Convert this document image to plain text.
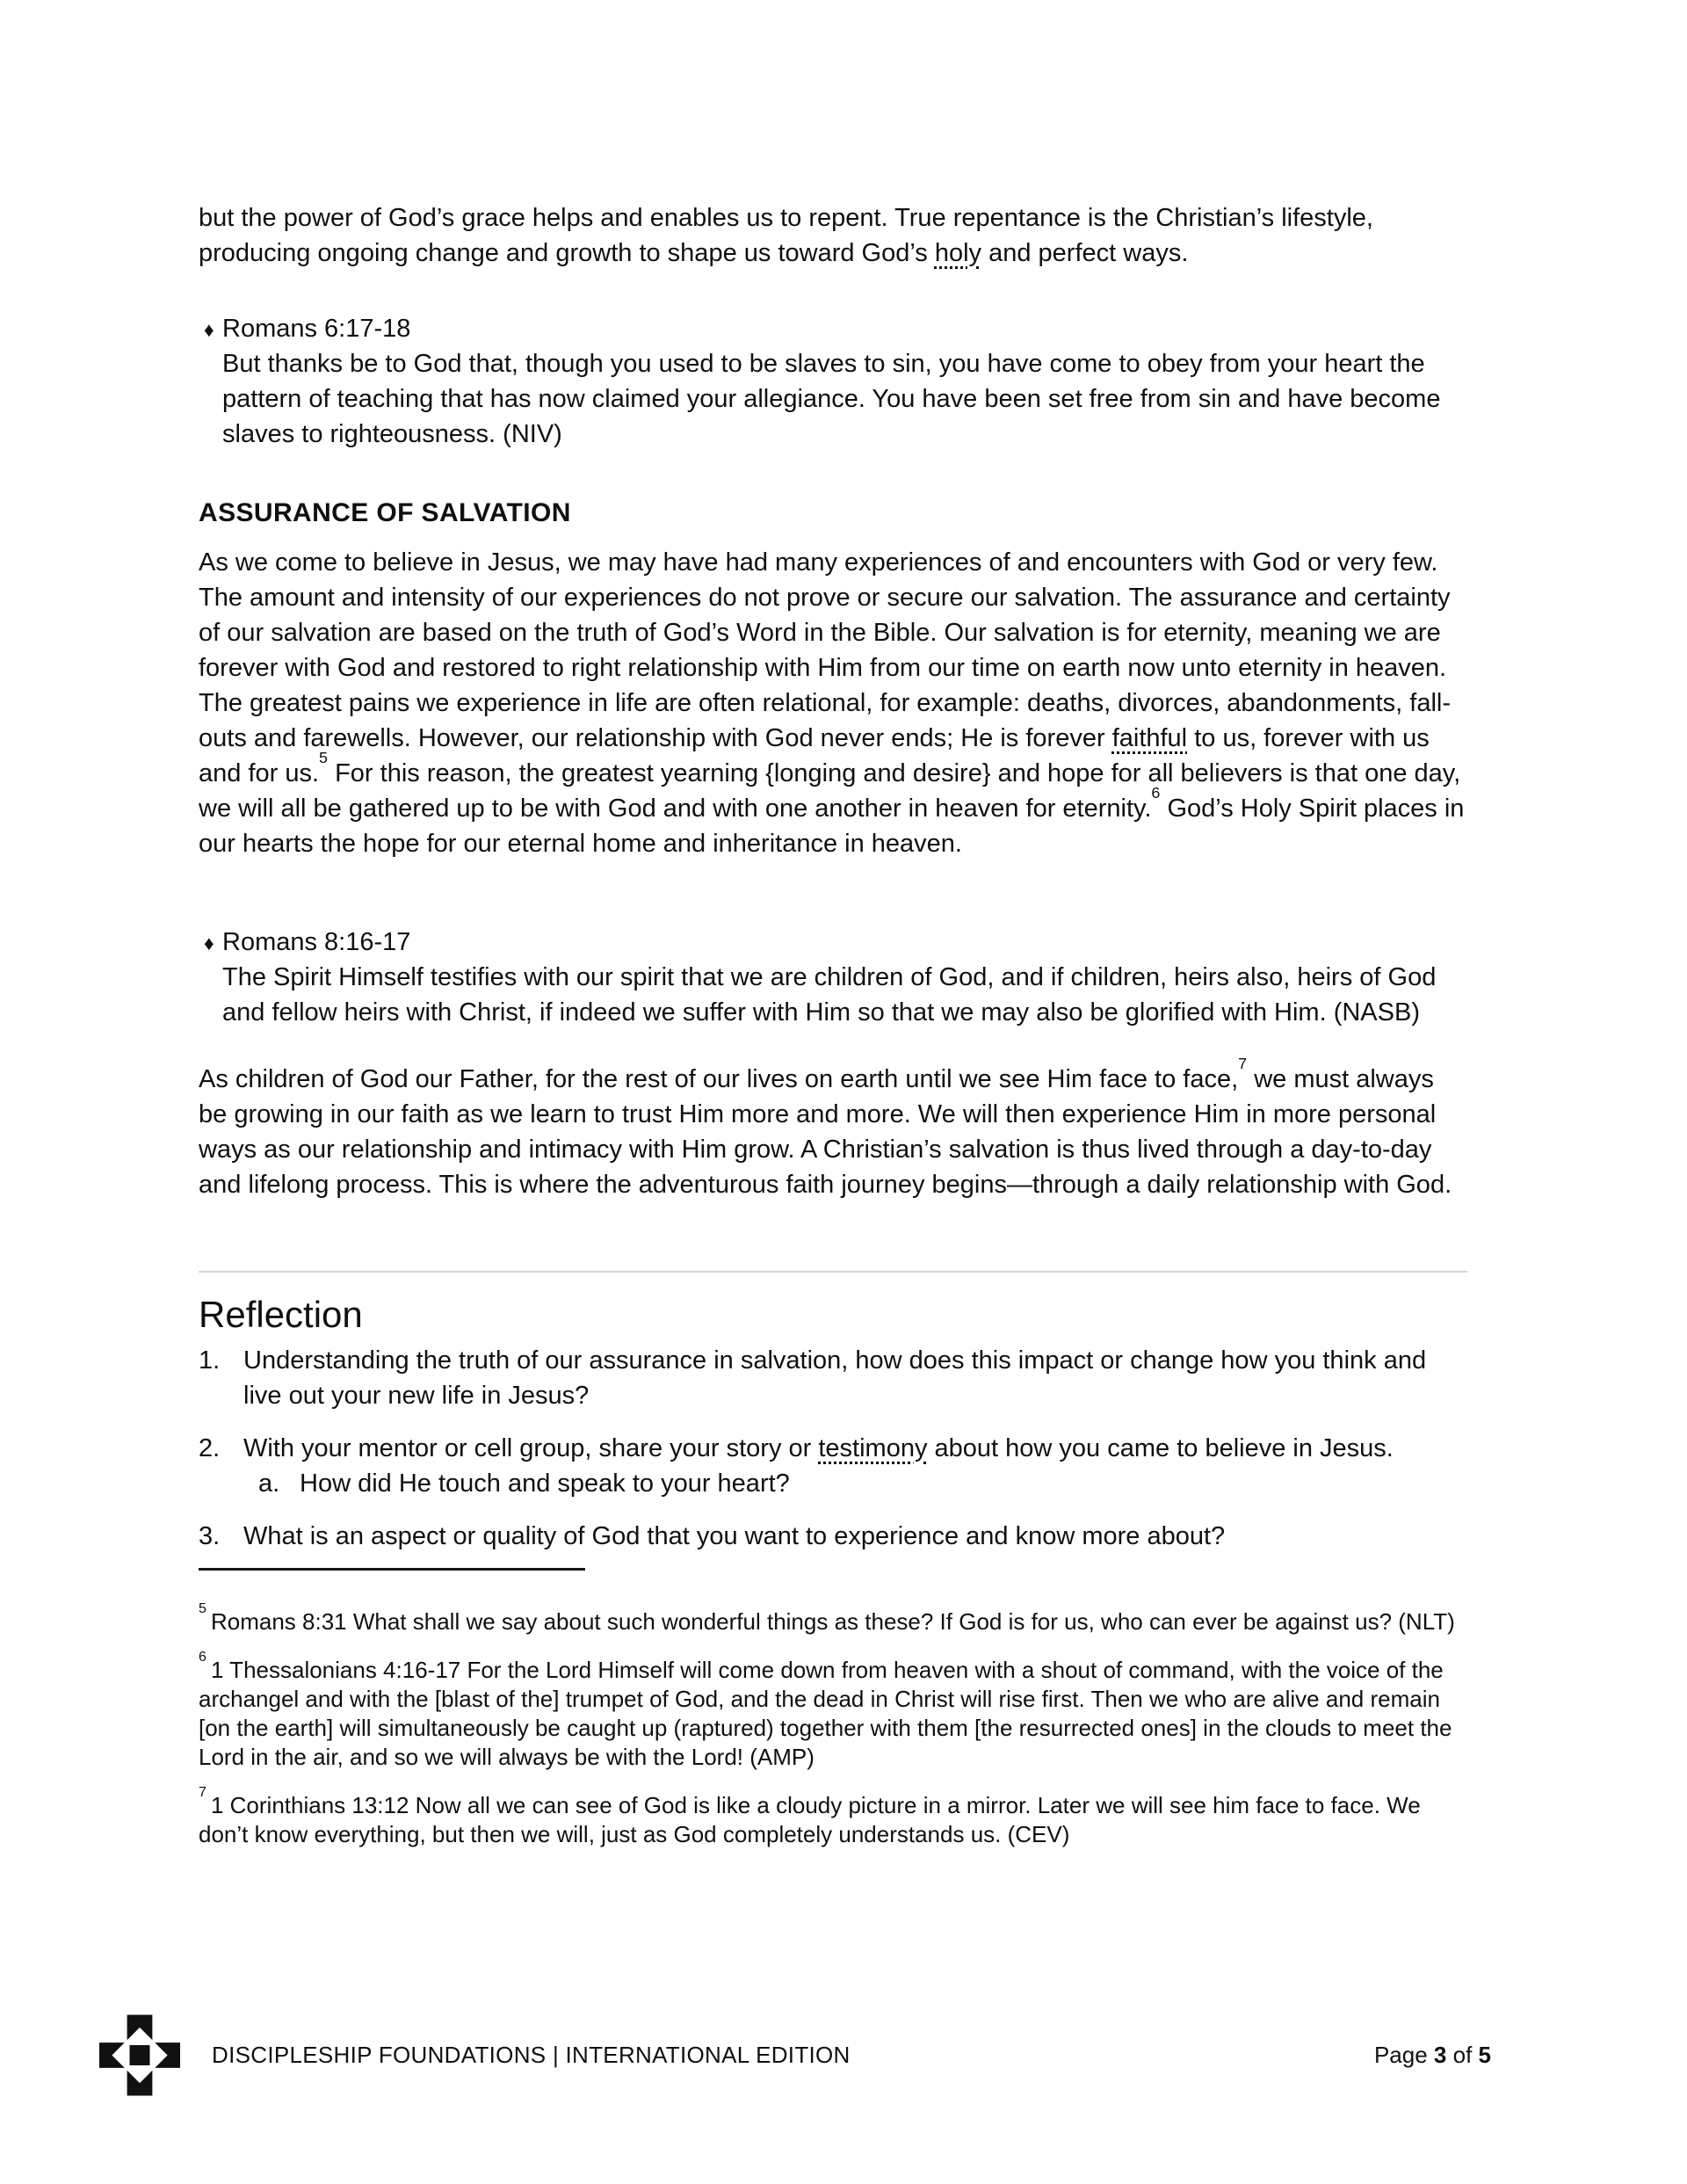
but the power of God’s grace helps and enables us to repent. True repentance is the Christian’s lifestyle, producing ongoing change and growth to shape us toward God’s holy and perfect ways.

♦ Romans 6:17-18

But thanks be to God that, though you used to be slaves to sin, you have come to obey from your heart the pattern of teaching that has now claimed your allegiance. You have been set free from sin and have become slaves to righteousness. (NIV)

ASSURANCE OF SALVATION

As we come to believe in Jesus, we may have had many experiences of and encounters with God or very few. The amount and intensity of our experiences do not prove or secure our salvation. The assurance and certainty of our salvation are based on the truth of God’s Word in the Bible. Our salvation is for eternity, meaning we are forever with God and restored to right relationship with Him from our time on earth now unto eternity in heaven. The greatest pains we experience in life are often relational, for example: deaths, divorces, abandonments, fall-outs and farewells. However, our relationship with God never ends; He is forever faithful to us, forever with us and for us.$^5$ For this reason, the greatest yearning {longing and desire} and hope for all believers is that one day, we will all be gathered up to be with God and with one another in heaven for eternity.$^6$ God’s Holy Spirit places in our hearts the hope for our eternal home and inheritance in heaven.

♦ Romans 8:16-17

The Spirit Himself testifies with our spirit that we are children of God, and if children, heirs also, heirs of God and fellow heirs with Christ, if indeed we suffer with Him so that we may also be glorified with Him. (NASB)

As children of God our Father, for the rest of our lives on earth until we see Him face to face,$^7$ we must always be growing in our faith as we learn to trust Him more and more. We will then experience Him in more personal ways as our relationship and intimacy with Him grow. A Christian’s salvation is thus lived through a day-to-day and lifelong process. This is where the adventurous faith journey begins—through a daily relationship with God.

Reflection
1. Understanding the truth of our assurance in salvation, how does this impact or change how you think and live out your new life in Jesus?
2. With your mentor or cell group, share your story or testimony about how you came to believe in Jesus.
a. How did He touch and speak to your heart?
3. What is an aspect or quality of God that you want to experience and know more about?

$^5$ Romans 8:31 What shall we say about such wonderful things as these? If God is for us, who can ever be against us? (NLT)

$^6$ 1 Thessalonians 4:16-17 For the Lord Himself will come down from heaven with a shout of command, with the voice of the archangel and with the [blast of the] trumpet of God, and the dead in Christ will rise first. Then we who are alive and remain [on the earth] will simultaneously be caught up (raptured) together with them [the resurrected ones] in the clouds to meet the Lord in the air, and so we will always be with the Lord! (AMP)

$^7$ 1 Corinthians 13:12 Now all we can see of God is like a cloudy picture in a mirror. Later we will see him face to face. We don’t know everything, but then we will, just as God completely understands us. (CEV)

DISCIPLESHIP FOUNDATIONS | INTERNATIONAL EDITION	Page 3 of 5
